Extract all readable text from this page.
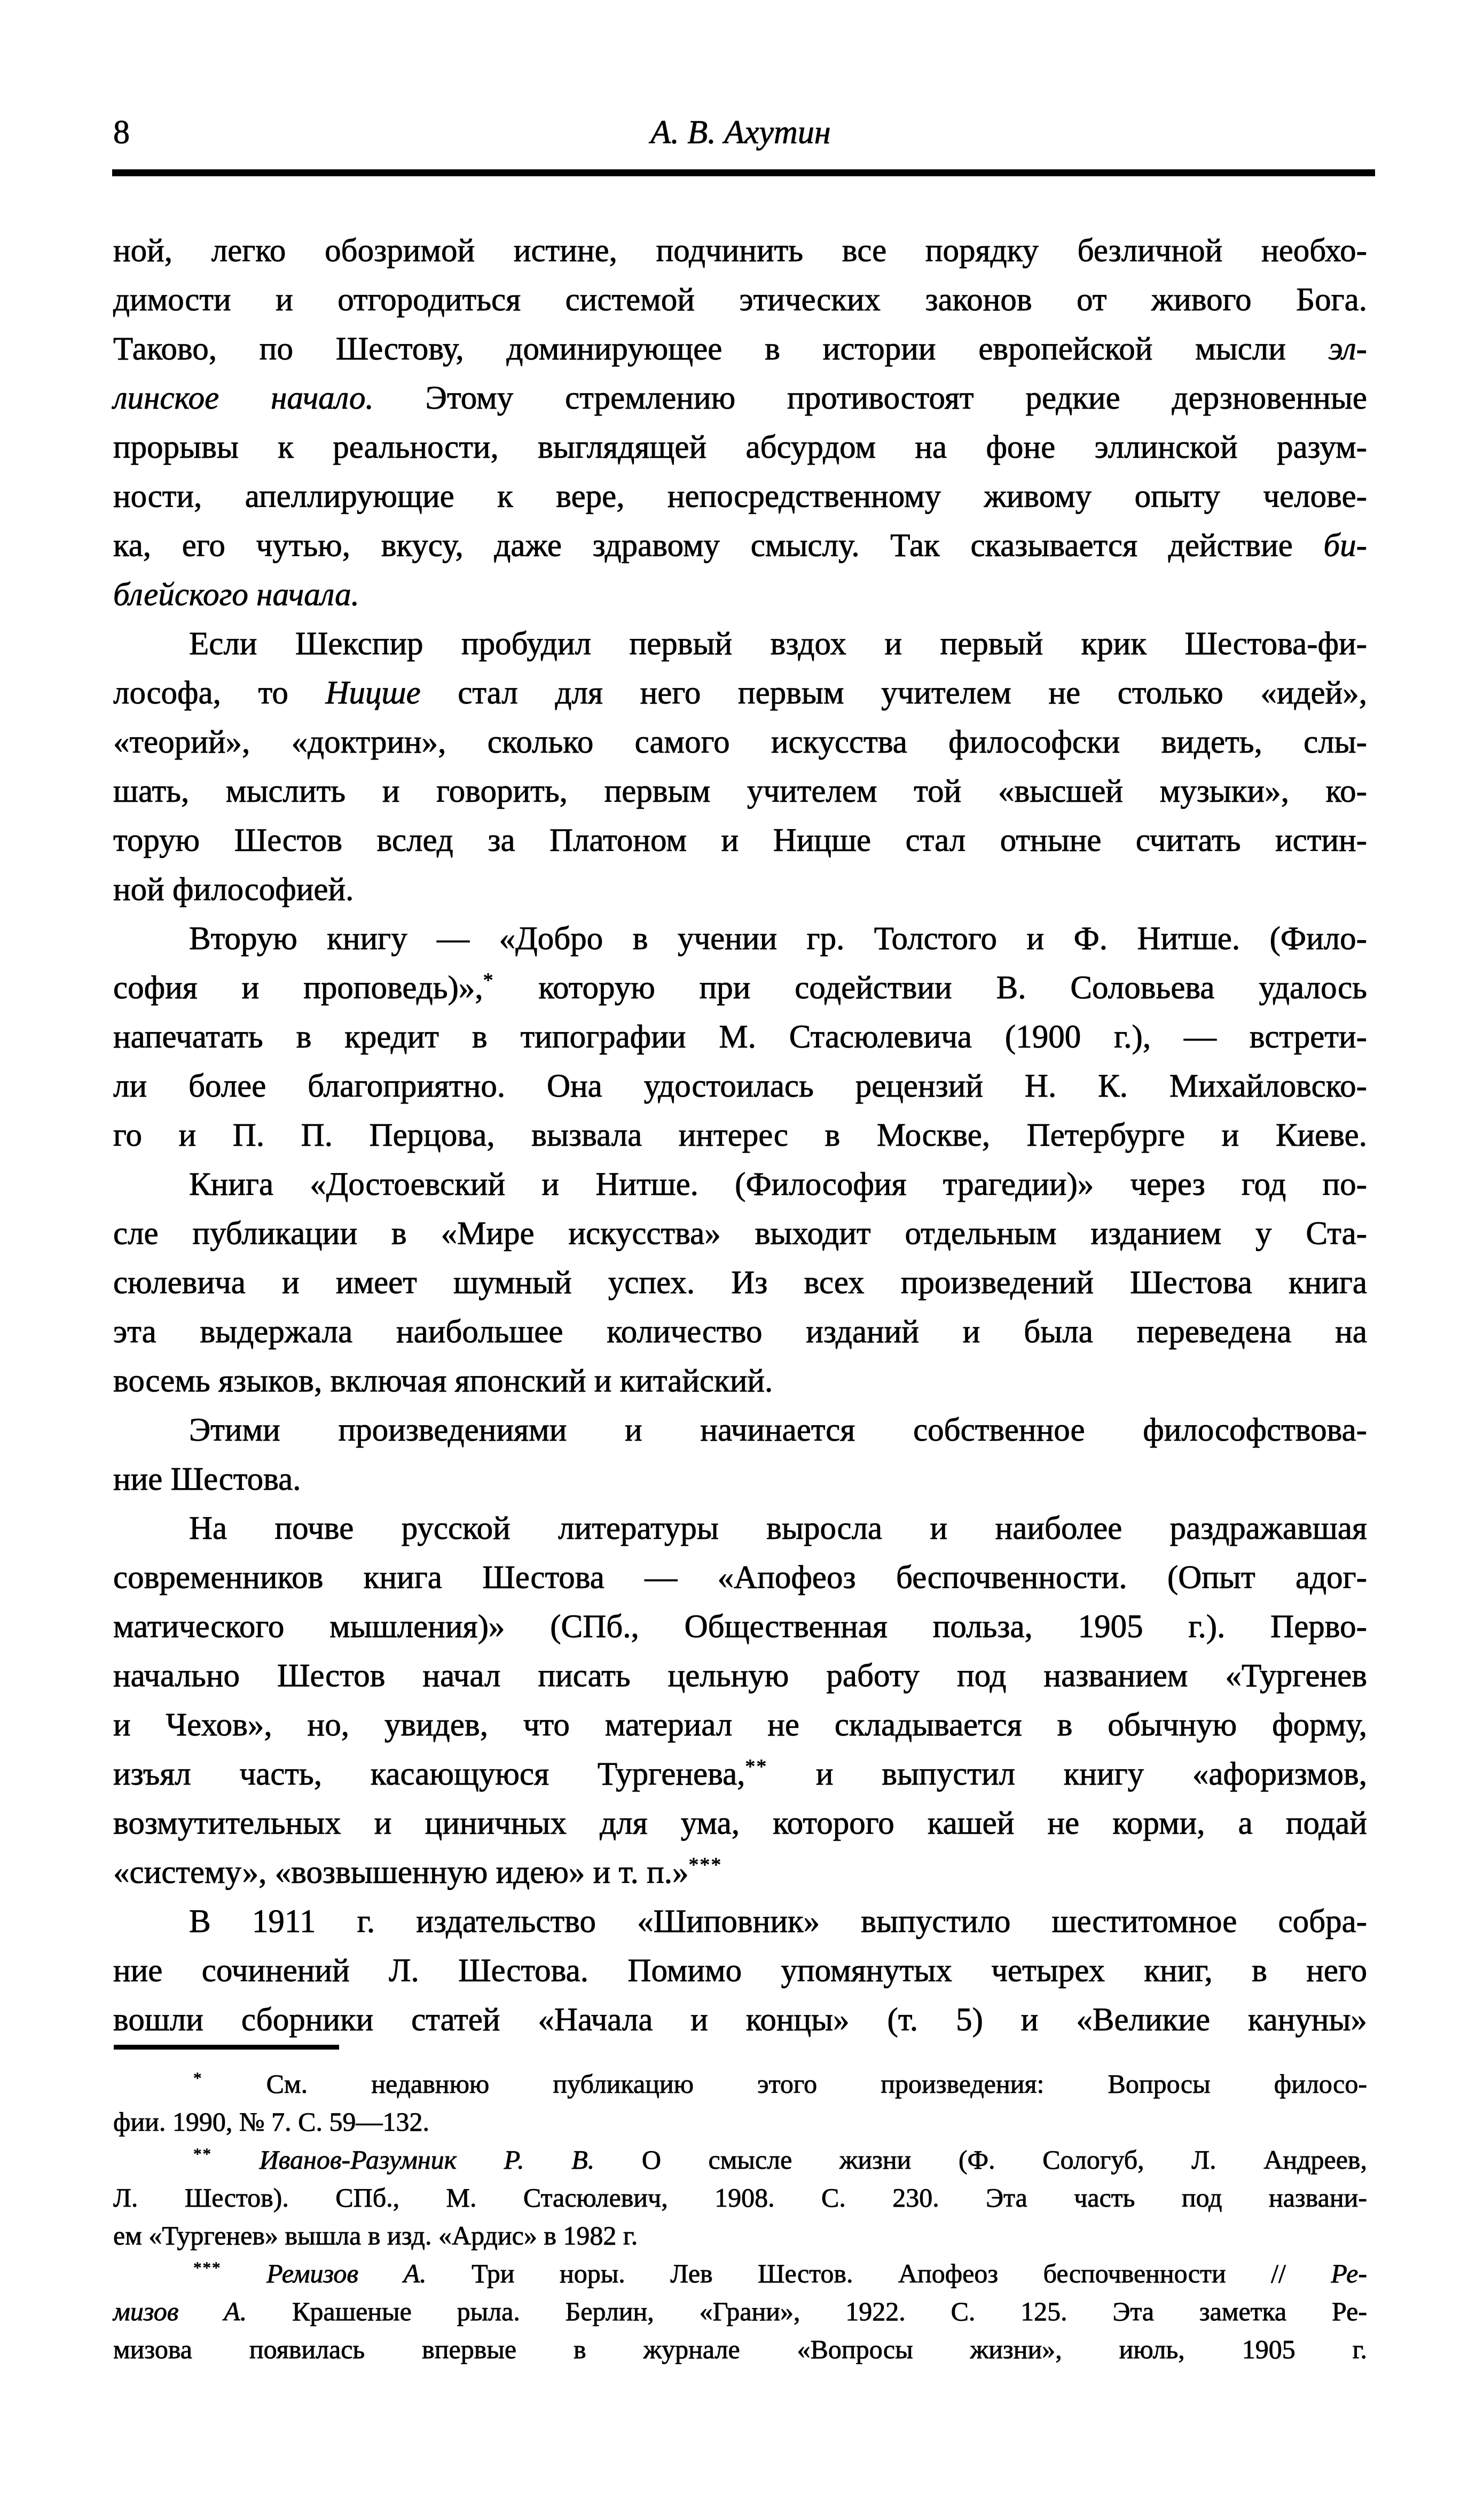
8	А. В. Ахутин

ной, легко обозримой истине, подчинить все порядку безличной необхо-
димости и отгородиться системой этических законов от живого Бога.
Таково, по Шестову, доминирующее в истории европейской мысли эл-
линское начало. Этому стремлению противостоят редкие дерзновенные
прорывы к реальности, выглядящей абсурдом на фоне эллинской разум-
ности, апеллирующие к вере, непосредственному живому опыту челове-
ка, его чутью, вкусу, даже здравому смыслу. Так сказывается действие би-
блейского начала.

Если Шекспир пробудил первый вздох и первый крик Шестова-фи-
лософа, то Ницше стал для него первым учителем не столько «идей»,
«теорий», «доктрин», сколько самого искусства философски видеть, слы-
шать, мыслить и говорить, первым учителем той «высшей музыки», ко-
торую Шестов вслед за Платоном и Ницше стал отныне считать истин-
ной философией.

Вторую книгу — «Добро в учении гр. Толстого и Ф. Нитше. (Фило-
софия и проповедь)»,* которую при содействии В. Соловьева удалось
напечатать в кредит в типографии М. Стасюлевича (1900 г.), — встрети-
ли более благоприятно. Она удостоилась рецензий Н. К. Михайловско-
го и П. П. Перцова, вызвала интерес в Москве, Петербурге и Киеве.

Книга «Достоевский и Нитше. (Философия трагедии)» через год по-
сле публикации в «Мире искусства» выходит отдельным изданием у Ста-
сюлевича и имеет шумный успех. Из всех произведений Шестова книга
эта выдержала наибольшее количество изданий и была переведена на
восемь языков, включая японский и китайский.

Этими произведениями и начинается собственное философствова-
ние Шестова.

На почве русской литературы выросла и наиболее раздражавшая
современников книга Шестова — «Апофеоз беспочвенности. (Опыт адог-
матического мышления)» (СПб., Общественная польза, 1905 г.). Перво-
начально Шестов начал писать цельную работу под названием «Тургенев
и Чехов», но, увидев, что материал не складывается в обычную форму,
изъял часть, касающуюся Тургенева,** и выпустил книгу «афоризмов,
возмутительных и циничных для ума, которого кашей не корми, а подай
«систему», «возвышенную идею» и т. п.»***

В 1911 г. издательство «Шиповник» выпустило шеститомное собра-
ние сочинений Л. Шестова. Помимо упомянутых четырех книг, в него
вошли сборники статей «Начала и концы» (т. 5) и «Великие кануны»

* См. недавнюю публикацию этого произведения: Вопросы филосо-
фии. 1990, № 7. С. 59—132.

** Иванов-Разумник Р. В. О смысле жизни (Ф. Сологуб, Л. Андреев,
Л. Шестов). СПб., М. Стасюлевич, 1908. С. 230. Эта часть под названи-
ем «Тургенев» вышла в изд. «Ардис» в 1982 г.

*** Ремизов А. Три норы. Лев Шестов. Апофеоз беспочвенности // Ре-
мизов А. Крашеные рыла. Берлин, «Грани», 1922. С. 125. Эта заметка Ре-
мизова появилась впервые в журнале «Вопросы жизни», июль, 1905 г.
